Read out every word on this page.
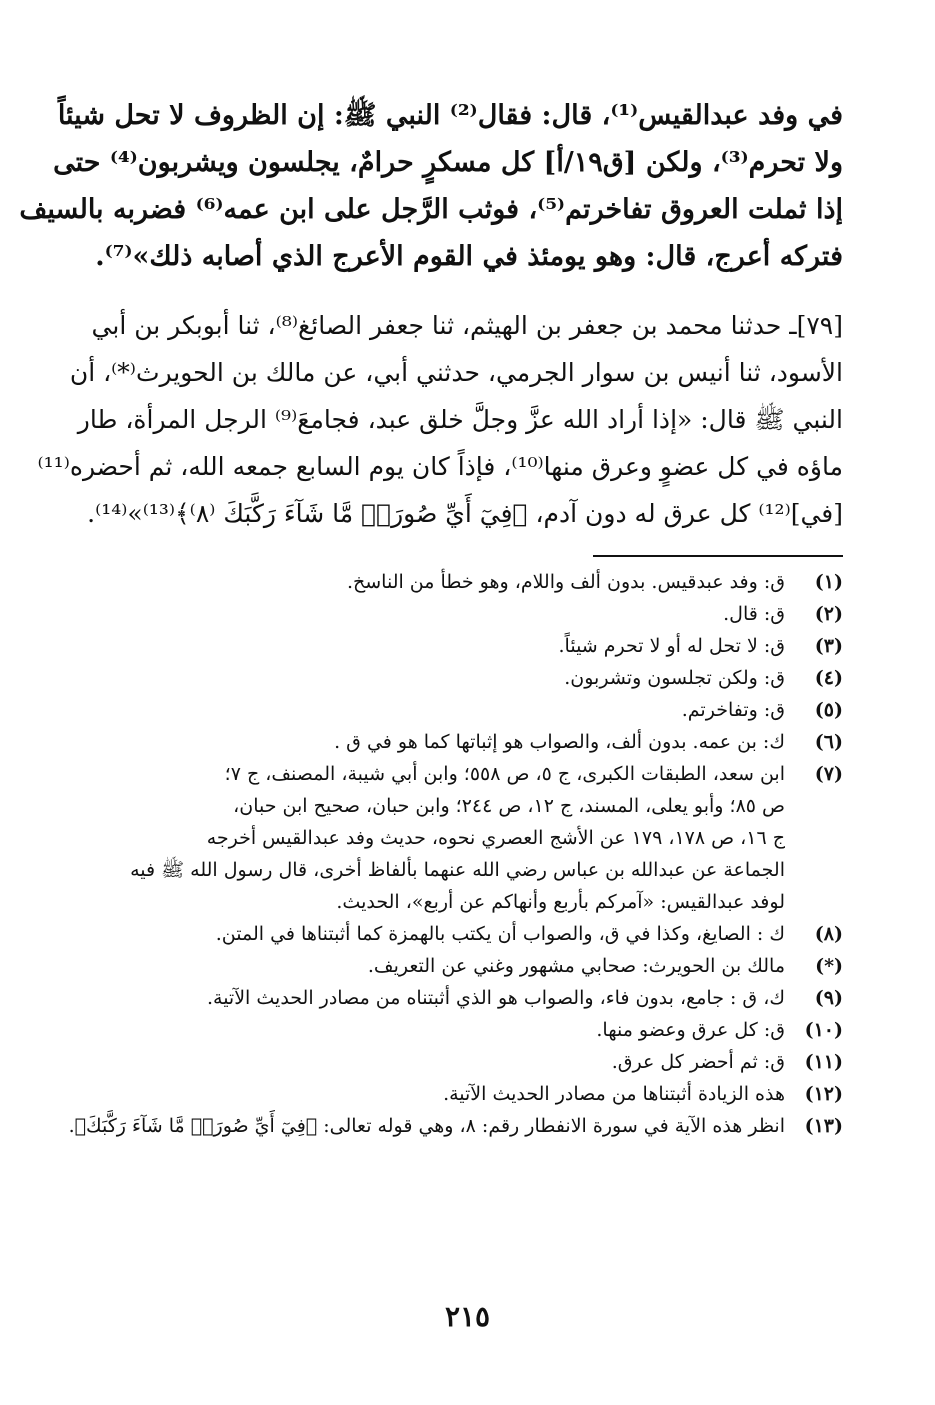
في وفد عبدالقيس⁽¹⁾، قال: فقال⁽²⁾ النبي ﷺ: إن الظروف لا تحل شيئاً
ولا تحرم⁽³⁾، ولكن [ق١٩/أ] كل مسكرٍ حرامٌ، يجلسون ويشربون⁽⁴⁾ حتى
إذا ثملت العروق تفاخرتم⁽⁵⁾، فوثب الرَّجل على ابن عمه⁽⁶⁾ فضربه بالسيف
فتركه أعرج، قال: وهو يومئذ في القوم الأعرج الذي أصابه ذلك»⁽⁷⁾.
[٧٩]ـ حدثنا محمد بن جعفر بن الهيثم، ثنا جعفر الصائغ⁽⁸⁾، ثنا أبوبكر بن أبي
الأسود، ثنا أنيس بن سوار الجرمي، حدثني أبي، عن مالك بن الحويرث⁽*⁾، أن
النبي ﷺ قال: «إذا أراد الله عزَّ وجلَّ خلق عبد، فجامعَ⁽⁹⁾ الرجل المرأة، طار
ماؤه في كل عضوٍ وعرق منها⁽¹⁰⁾، فإذاً كان يوم السابع جمعه الله، ثم أحضره⁽¹¹⁾
[في]⁽¹²⁾ كل عرق له دون آدم، ﴿فِيٓ أَيِّ صُورَةٖ مَّا شَآءَ رَكَّبَكَ ⁽٨⁾﴾⁽¹³⁾»⁽¹⁴⁾.
(١)
ق: وفد عبدقيس. بدون ألف واللام، وهو خطأ من الناسخ.
(٢)
ق: قال.
(٣)
ق: لا تحل له أو لا تحرم شيئاً.
(٤)
ق: ولكن تجلسون وتشربون.
(٥)
ق: وتفاخرتم.
(٦)
ك: بن عمه. بدون ألف، والصواب هو إثباتها كما هو في ق .
(٧)
ابن سعد، الطبقات الكبرى، ج ٥، ص ٥٥٨؛ وابن أبي شيبة، المصنف، ج ٧؛
ص ٨٥؛ وأبو يعلى، المسند، ج ١٢، ص ٢٤٤؛ وابن حبان، صحيح ابن حبان،
ج ١٦، ص ١٧٨، ١٧٩ عن الأشج العصري نحوه، حديث وفد عبدالقيس أخرجه
الجماعة عن عبدالله بن عباس رضي الله عنهما بألفاظ أخرى، قال رسول الله ﷺ فيه
لوفد عبدالقيس: «آمركم بأربع وأنهاكم عن أربع»، الحديث.
(٨)
ك : الصايغ، وكذا في ق، والصواب أن يكتب بالهمزة كما أثبتناها في المتن.
(*)
مالك بن الحويرث: صحابي مشهور وغني عن التعريف.
(٩)
ك، ق : جامع، بدون فاء، والصواب هو الذي أثبتناه من مصادر الحديث الآتية.
(١٠)
ق: كل عرق وعضو منها.
(١١)
ق: ثم أحضر كل عرق.
(١٢)
هذه الزيادة أثبتناها من مصادر الحديث الآتية.
(١٣)
انظر هذه الآية في سورة الانفطار رقم: ٨، وهي قوله تعالى: ﴿فِيٓ أَيِّ صُورَةٖ مَّا شَآءَ رَكَّبَكَ﴾.
٢١٥
